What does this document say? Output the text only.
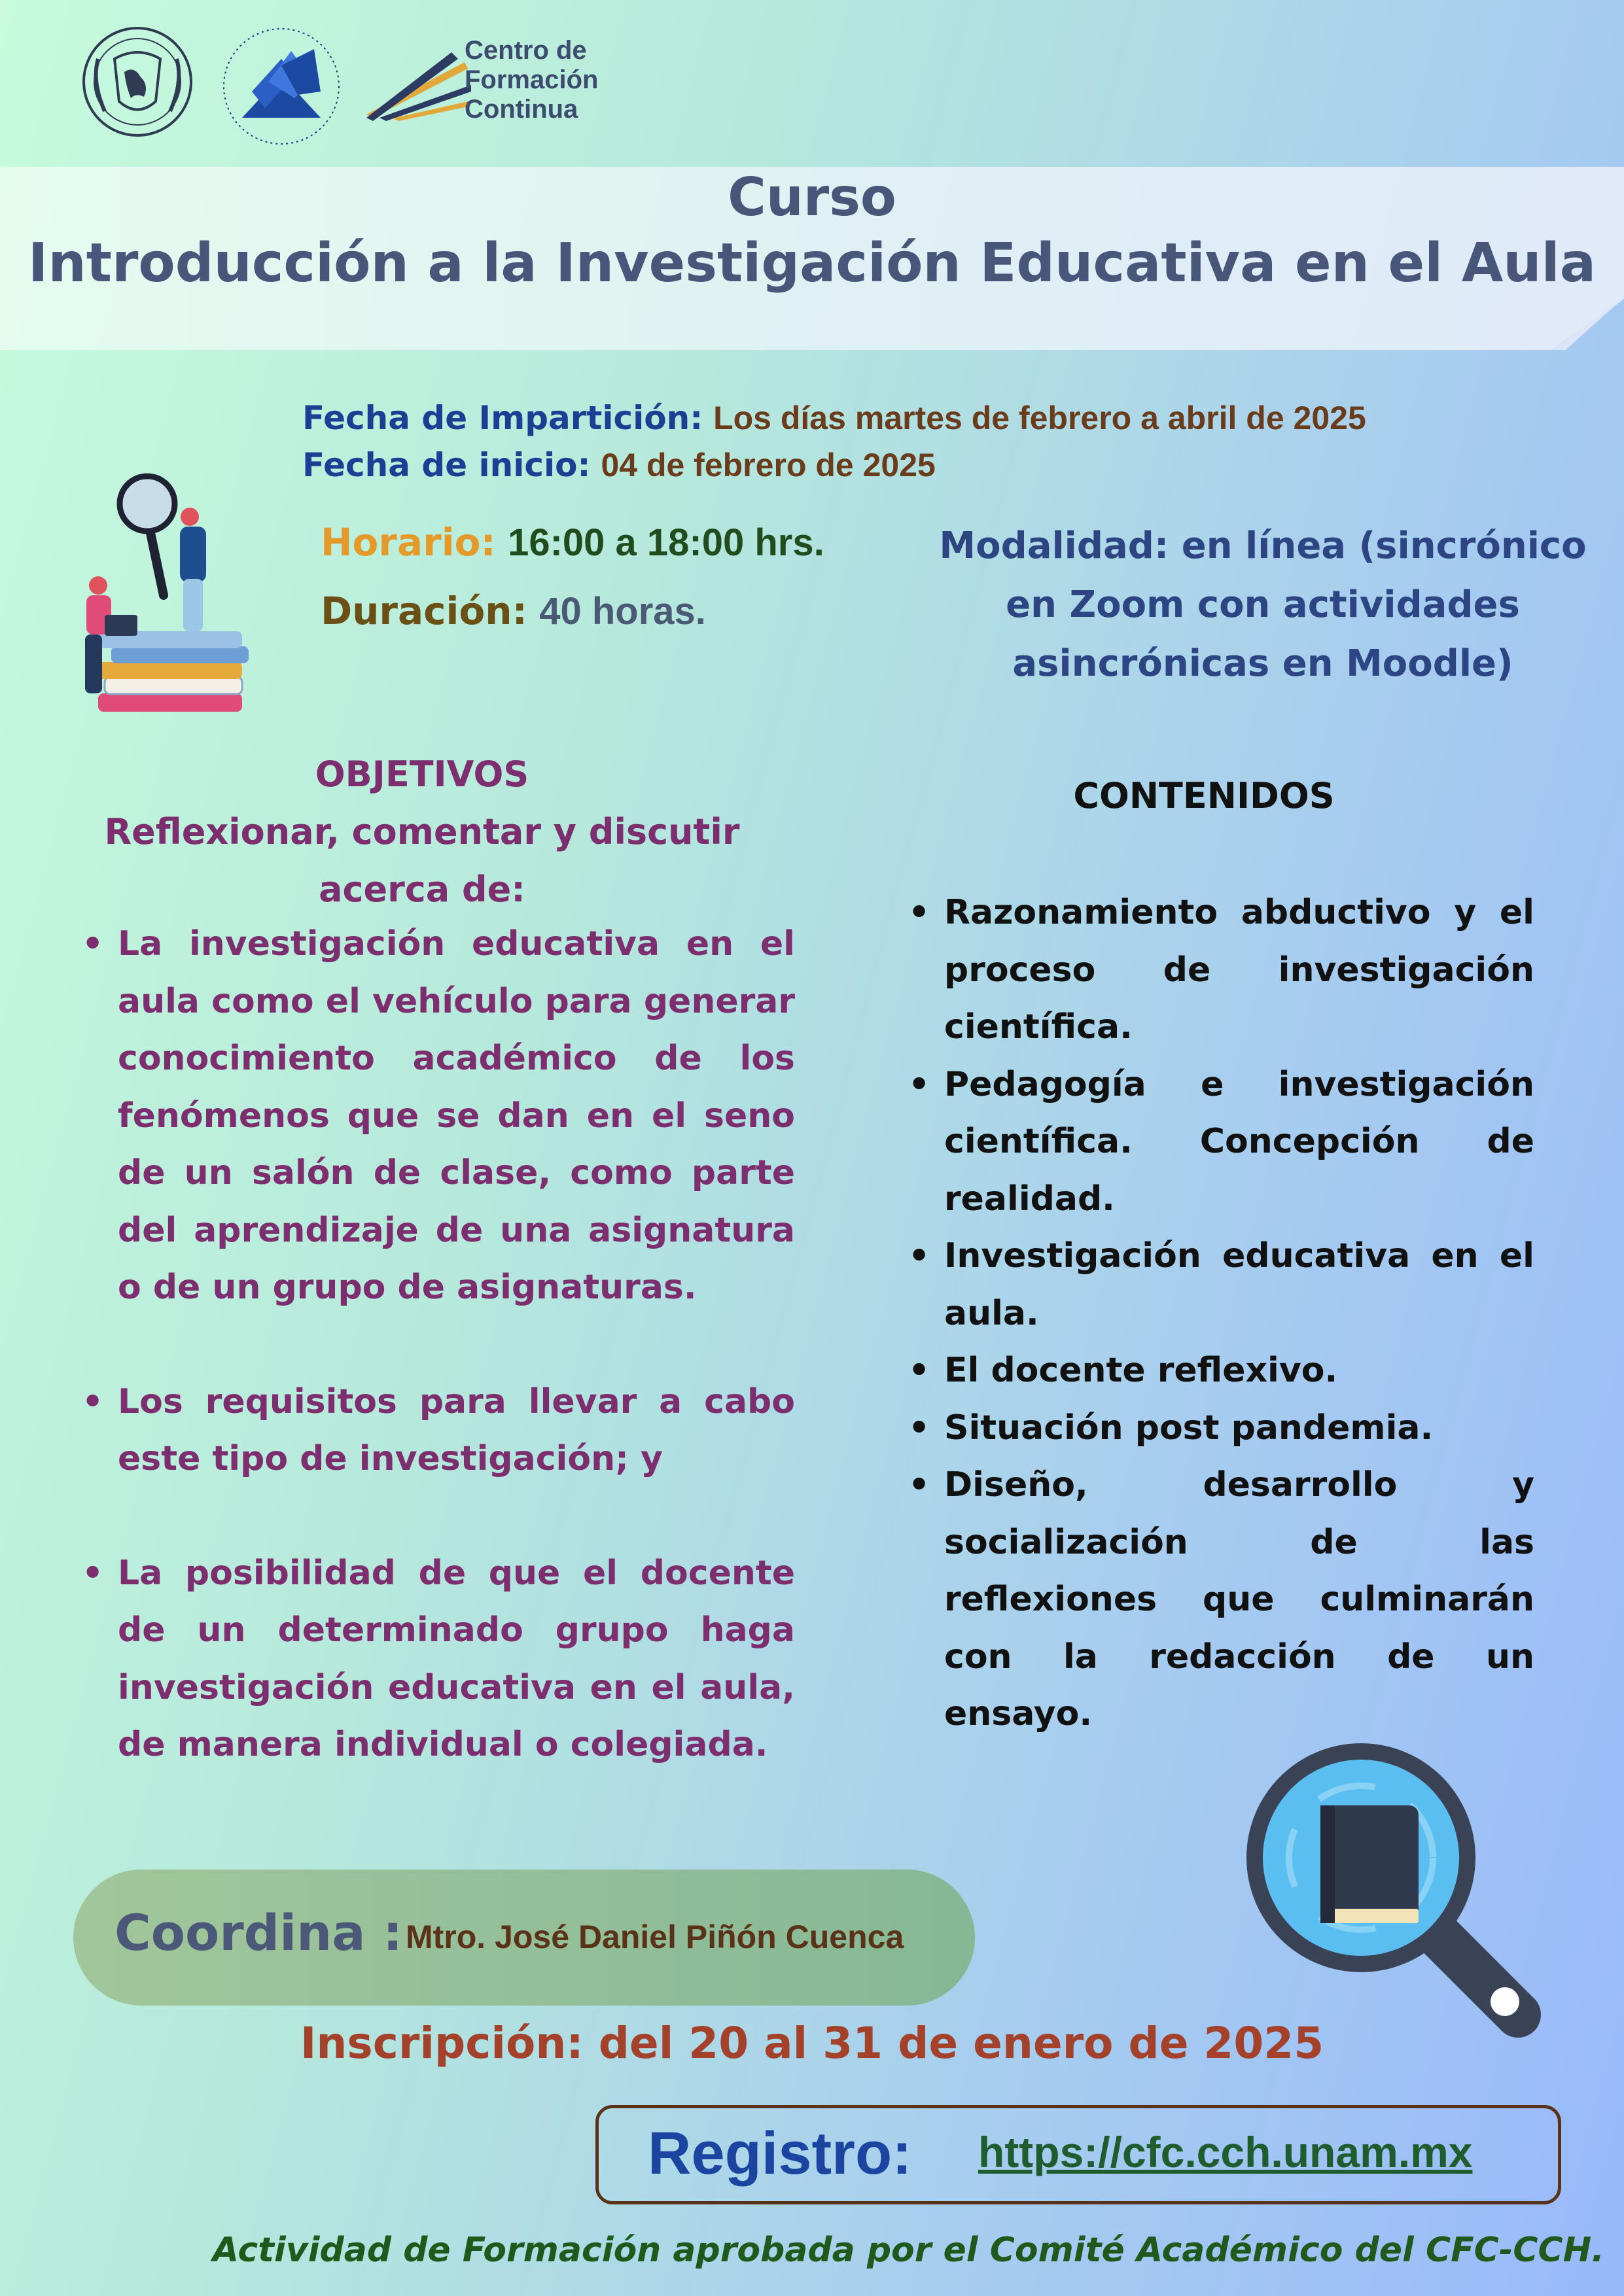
Centro de
Formación
Continua
Curso
Introducción a la Investigación Educativa en el Aula
Fecha de Impartición: Los días martes de febrero a abril de 2025
Fecha de inicio: 04 de febrero de 2025
Horario: 16:00 a 18:00 hrs.
Duración: 40 horas.
Modalidad: en línea (sincrónico
en Zoom con actividades
asincrónicas en Moodle)
OBJETIVOS
Reflexionar, comentar y discutir
acerca de:
• La investigación educativa en el aula como el vehículo para generar conocimiento académico de los fenómenos que se dan en el seno de un salón de clase, como parte del aprendizaje de una asignatura o de un grupo de asignaturas.
• Los requisitos para llevar a cabo este tipo de investigación; y
• La posibilidad de que el docente de un determinado grupo haga investigación educativa en el aula, de manera individual o colegiada.
CONTENIDOS
• Razonamiento abductivo y el proceso de investigación científica.
• Pedagogía e investigación científica. Concepción de realidad.
• Investigación educativa en el aula.
• El docente reflexivo.
• Situación post pandemia.
• Diseño, desarrollo y socialización de las reflexiones que culminarán con la redacción de un ensayo.
Coordina : Mtro. José Daniel Piñón Cuenca
Inscripción: del 20 al 31 de enero de 2025
Registro: https://cfc.cch.unam.mx
Actividad de Formación aprobada por el Comité Académico del CFC-CCH.
